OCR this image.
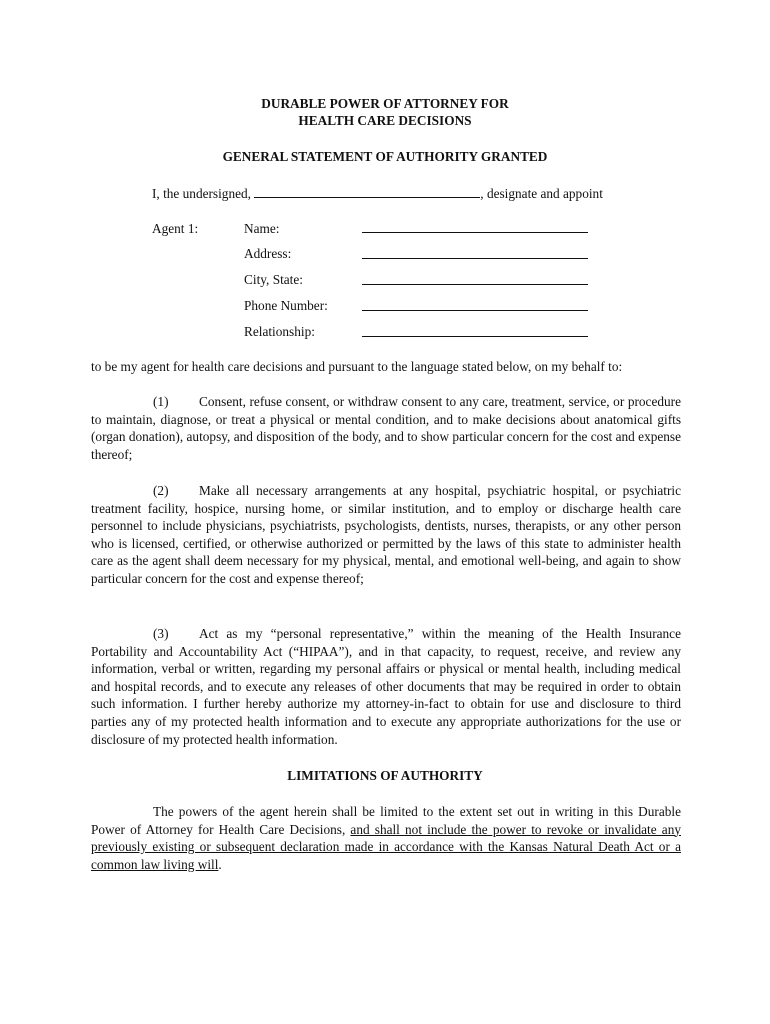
DURABLE POWER OF ATTORNEY FOR
HEALTH CARE DECISIONS
GENERAL STATEMENT OF AUTHORITY GRANTED
I, the undersigned,	, designate and appoint
Agent 1:	Name:
Address:
City, State:
Phone Number:
Relationship:
to be my agent for health care decisions and pursuant to the language stated below, on my behalf to:
(1) Consent, refuse consent, or withdraw consent to any care, treatment, service, or procedure to maintain, diagnose, or treat a physical or mental condition, and to make decisions about anatomical gifts (organ donation), autopsy, and disposition of the body, and to show particular concern for the cost and expense thereof;
(2) Make all necessary arrangements at any hospital, psychiatric hospital, or psychiatric treatment facility, hospice, nursing home, or similar institution, and to employ or discharge health care personnel to include physicians, psychiatrists, psychologists, dentists, nurses, therapists, or any other person who is licensed, certified, or otherwise authorized or permitted by the laws of this state to administer health care as the agent shall deem necessary for my physical, mental, and emotional well-being, and again to show particular concern for the cost and expense thereof;
(3) Act as my “personal representative,” within the meaning of the Health Insurance Portability and Accountability Act (“HIPAA”), and in that capacity, to request, receive, and review any information, verbal or written, regarding my personal affairs or physical or mental health, including medical and hospital records, and to execute any releases of other documents that may be required in order to obtain such information. I further hereby authorize my attorney-in-fact to obtain for use and disclosure to third parties any of my protected health information and to execute any appropriate authorizations for the use or disclosure of my protected health information.
LIMITATIONS OF AUTHORITY
The powers of the agent herein shall be limited to the extent set out in writing in this Durable Power of Attorney for Health Care Decisions, and shall not include the power to revoke or invalidate any previously existing or subsequent declaration made in accordance with the Kansas Natural Death Act or a common law living will.
